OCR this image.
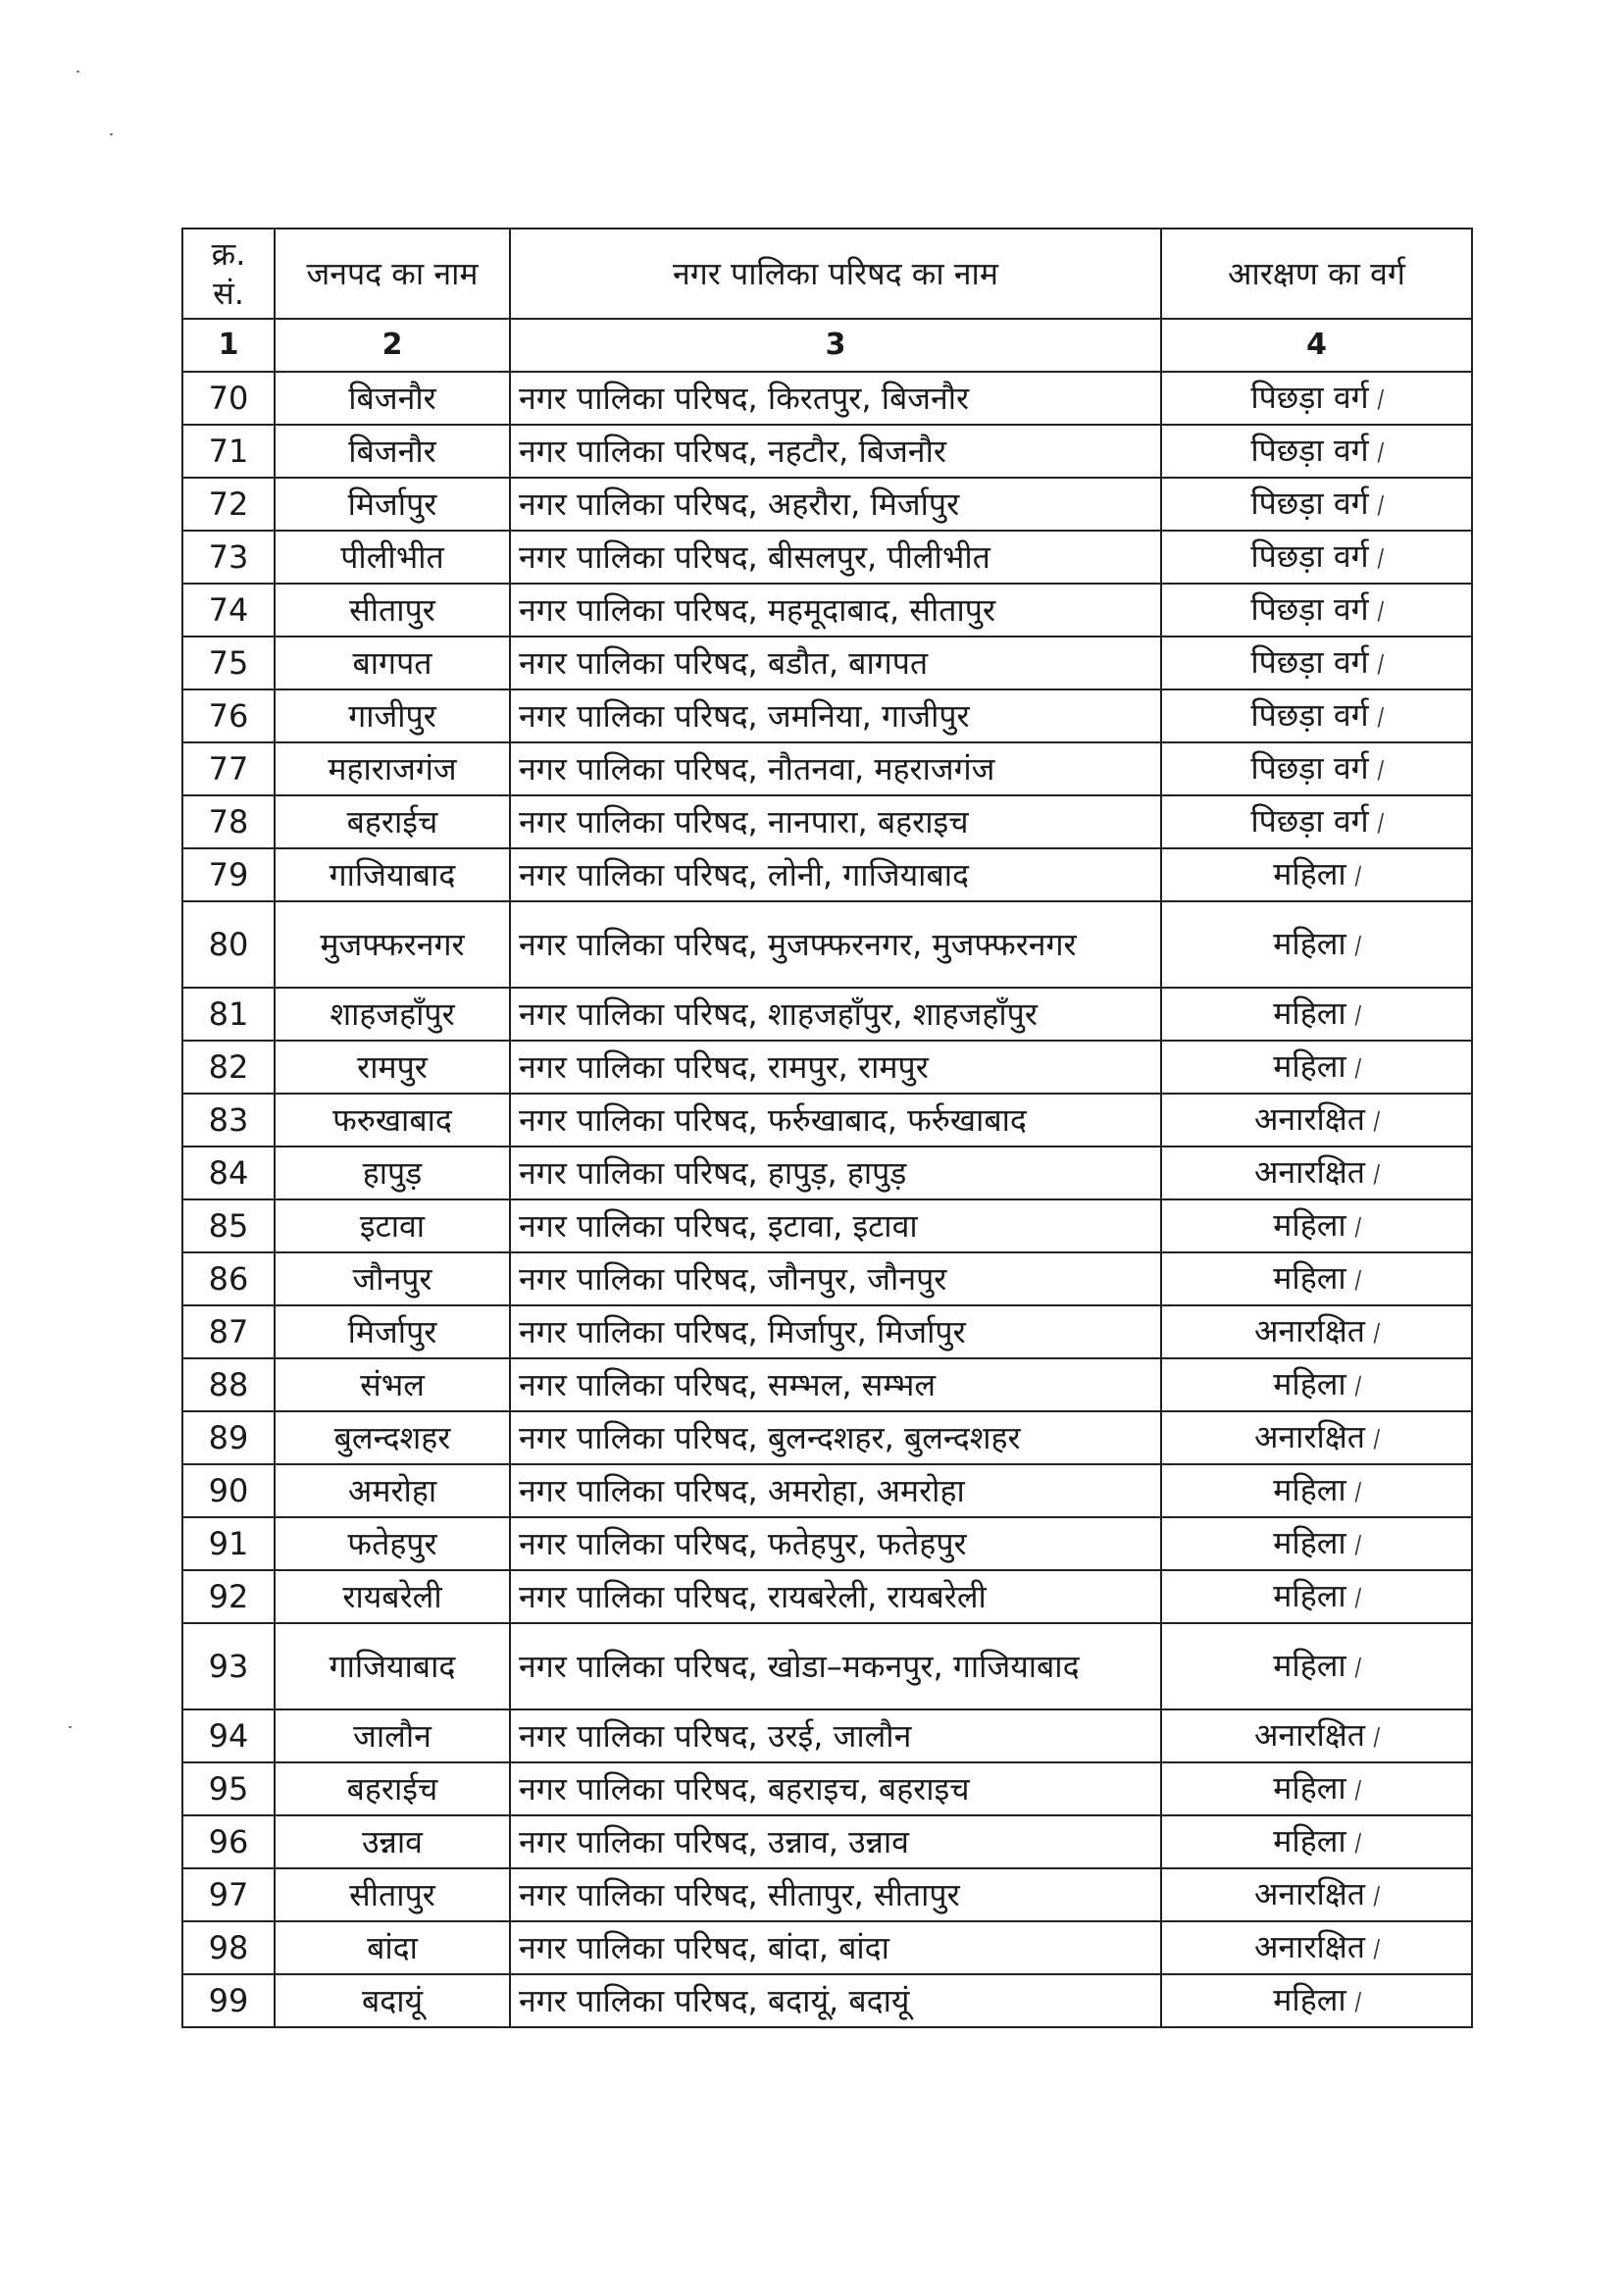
क्र. सं.	जनपद का नाम	नगर पालिका परिषद का नाम	आरक्षण का वर्ग
1	2	3	4
70	बिजनौर	नगर पालिका परिषद, किरतपुर, बिजनौर	पिछड़ा वर्ग ⁄
71	बिजनौर	नगर पालिका परिषद, नहटौर, बिजनौर	पिछड़ा वर्ग ⁄
72	मिर्जापुर	नगर पालिका परिषद, अहरौरा, मिर्जापुर	पिछड़ा वर्ग ⁄
73	पीलीभीत	नगर पालिका परिषद, बीसलपुर, पीलीभीत	पिछड़ा वर्ग ⁄
74	सीतापुर	नगर पालिका परिषद, महमूदाबाद, सीतापुर	पिछड़ा वर्ग ⁄
75	बागपत	नगर पालिका परिषद, बडौत, बागपत	पिछड़ा वर्ग ⁄
76	गाजीपुर	नगर पालिका परिषद, जमनिया, गाजीपुर	पिछड़ा वर्ग ⁄
77	महाराजगंज	नगर पालिका परिषद, नौतनवा, महराजगंज	पिछड़ा वर्ग ⁄
78	बहराईच	नगर पालिका परिषद, नानपारा, बहराइच	पिछड़ा वर्ग ⁄
79	गाजियाबाद	नगर पालिका परिषद, लोनी, गाजियाबाद	महिला ⁄
80	मुजफ्फरनगर	नगर पालिका परिषद, मुजफ्फरनगर, मुजफ्फरनगर	महिला ⁄
81	शाहजहाँपुर	नगर पालिका परिषद, शाहजहाँपुर, शाहजहाँपुर	महिला ⁄
82	रामपुर	नगर पालिका परिषद, रामपुर, रामपुर	महिला ⁄
83	फरुखाबाद	नगर पालिका परिषद, फर्रुखाबाद, फर्रुखाबाद	अनारक्षित ⁄
84	हापुड़	नगर पालिका परिषद, हापुड़, हापुड़	अनारक्षित ⁄
85	इटावा	नगर पालिका परिषद, इटावा, इटावा	महिला ⁄
86	जौनपुर	नगर पालिका परिषद, जौनपुर, जौनपुर	महिला ⁄
87	मिर्जापुर	नगर पालिका परिषद, मिर्जापुर, मिर्जापुर	अनारक्षित ⁄
88	संभल	नगर पालिका परिषद, सम्भल, सम्भल	महिला ⁄
89	बुलन्दशहर	नगर पालिका परिषद, बुलन्दशहर, बुलन्दशहर	अनारक्षित ⁄
90	अमरोहा	नगर पालिका परिषद, अमरोहा, अमरोहा	महिला ⁄
91	फतेहपुर	नगर पालिका परिषद, फतेहपुर, फतेहपुर	महिला ⁄
92	रायबरेली	नगर पालिका परिषद, रायबरेली, रायबरेली	महिला ⁄
93	गाजियाबाद	नगर पालिका परिषद, खोडा–मकनपुर, गाजियाबाद	महिला ⁄
94	जालौन	नगर पालिका परिषद, उरई, जालौन	अनारक्षित ⁄
95	बहराईच	नगर पालिका परिषद, बहराइच, बहराइच	महिला ⁄
96	उन्नाव	नगर पालिका परिषद, उन्नाव, उन्नाव	महिला ⁄
97	सीतापुर	नगर पालिका परिषद, सीतापुर, सीतापुर	अनारक्षित ⁄
98	बांदा	नगर पालिका परिषद, बांदा, बांदा	अनारक्षित ⁄
99	बदायूं	नगर पालिका परिषद, बदायूं, बदायूं	महिला ⁄
